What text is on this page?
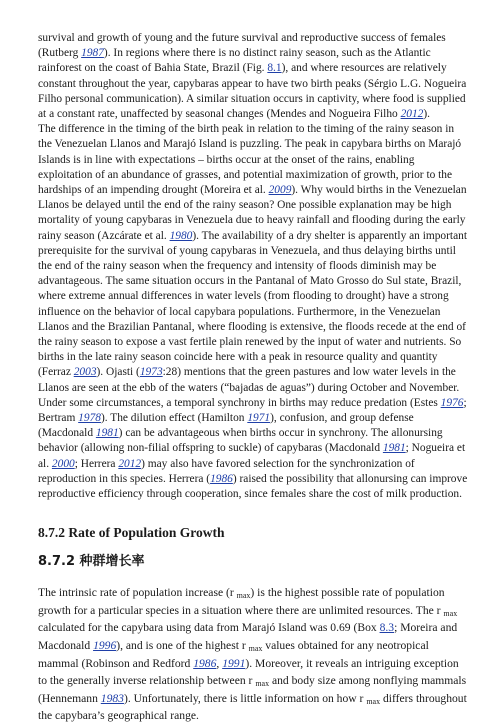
survival and growth of young and the future survival and reproductive success of females (Rutberg 1987). In regions where there is no distinct rainy season, such as the Atlantic rainforest on the coast of Bahia State, Brazil (Fig. 8.1), and where resources are relatively constant throughout the year, capybaras appear to have two birth peaks (Sérgio L.G. Nogueira Filho personal communication). A similar situation occurs in captivity, where food is supplied at a constant rate, unaffected by seasonal changes (Mendes and Nogueira Filho 2012).

The difference in the timing of the birth peak in relation to the timing of the rainy season in the Venezuelan Llanos and Marajó Island is puzzling. The peak in capybara births on Marajó Islands is in line with expectations – births occur at the onset of the rains, enabling exploitation of an abundance of grasses, and potential maximization of growth, prior to the hardships of an impending drought (Moreira et al. 2009). Why would births in the Venezuelan Llanos be delayed until the end of the rainy season? One possible explanation may be high mortality of young capybaras in Venezuela due to heavy rainfall and flooding during the early rainy season (Azcárate et al. 1980). The availability of a dry shelter is apparently an important prerequisite for the survival of young capybaras in Venezuela, and thus delaying births until the end of the rainy season when the frequency and intensity of floods diminish may be advantageous. The same situation occurs in the Pantanal of Mato Grosso do Sul state, Brazil, where extreme annual differences in water levels (from flooding to drought) have a strong influence on the behavior of local capybara populations. Furthermore, in the Venezuelan Llanos and the Brazilian Pantanal, where flooding is extensive, the floods recede at the end of the rainy season to expose a vast fertile plain renewed by the input of water and nutrients. So births in the late rainy season coincide here with a peak in resource quality and quantity (Ferraz 2003). Ojasti (1973:28) mentions that the green pastures and low water levels in the Llanos are seen at the ebb of the waters (“bajadas de aguas”) during October and November.

Under some circumstances, a temporal synchrony in births may reduce predation (Estes 1976; Bertram 1978). The dilution effect (Hamilton 1971), confusion, and group defense (Macdonald 1981) can be advantageous when births occur in synchrony. The allonursing behavior (allowing non-filial offspring to suckle) of capybaras (Macdonald 1981; Nogueira et al. 2000; Herrera 2012) may also have favored selection for the synchronization of reproduction in this species. Herrera (1986) raised the possibility that allonursing can improve reproductive efficiency through cooperation, since females share the cost of milk production.

8.7.2 Rate of Population Growth
8.7.2 种群增长率

The intrinsic rate of population increase (r $_{max}$) is the highest possible rate of population growth for a particular species in a situation where there are unlimited resources. The r $_{max}$ calculated for the capybara using data from Marajó Island was 0.69 (Box 8.3; Moreira and Macdonald 1996), and is one of the highest r $_{max}$ values obtained for any neotropical mammal (Robinson and Redford 1986, 1991). Moreover, it reveals an intriguing exception to the generally inverse relationship between r $_{max}$ and body size among nonflying mammals (Hennemann 1983). Unfortunately, there is little information on how r $_{max}$ differs throughout the capybara’s geographical range.
